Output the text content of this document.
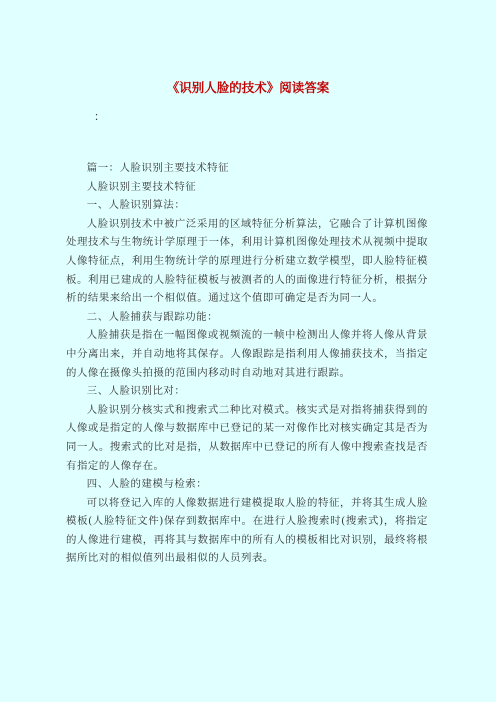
《识别人脸的技术》阅读答案
：

篇一：人脸识别主要技术特征

人脸识别主要技术特征

一、人脸识别算法：

人脸识别技术中被广泛采用的区域特征分析算法，它融合了计算机图像处理技术与生物统计学原理于一体，利用计算机图像处理技术从视频中提取人像特征点，利用生物统计学的原理进行分析建立数学模型，即人脸特征模板。利用已建成的人脸特征模板与被测者的人的面像进行特征分析，根据分析的结果来给出一个相似值。通过这个值即可确定是否为同一人。

二、人脸捕获与跟踪功能：

人脸捕获是指在一幅图像或视频流的一帧中检测出人像并将人像从背景中分离出来，并自动地将其保存。人像跟踪是指利用人像捕获技术，当指定的人像在摄像头拍摄的范围内移动时自动地对其进行跟踪。

三、人脸识别比对：

人脸识别分核实式和搜索式二种比对模式。核实式是对指将捕获得到的人像或是指定的人像与数据库中已登记的某一对像作比对核实确定其是否为同一人。搜索式的比对是指，从数据库中已登记的所有人像中搜索查找是否有指定的人像存在。

四、人脸的建模与检索：

可以将登记入库的人像数据进行建模提取人脸的特征，并将其生成人脸模板(人脸特征文件)保存到数据库中。在进行人脸搜索时(搜索式)，将指定的人像进行建模，再将其与数据库中的所有人的模板相比对识别，最终将根据所比对的相似值列出最相似的人员列表。
